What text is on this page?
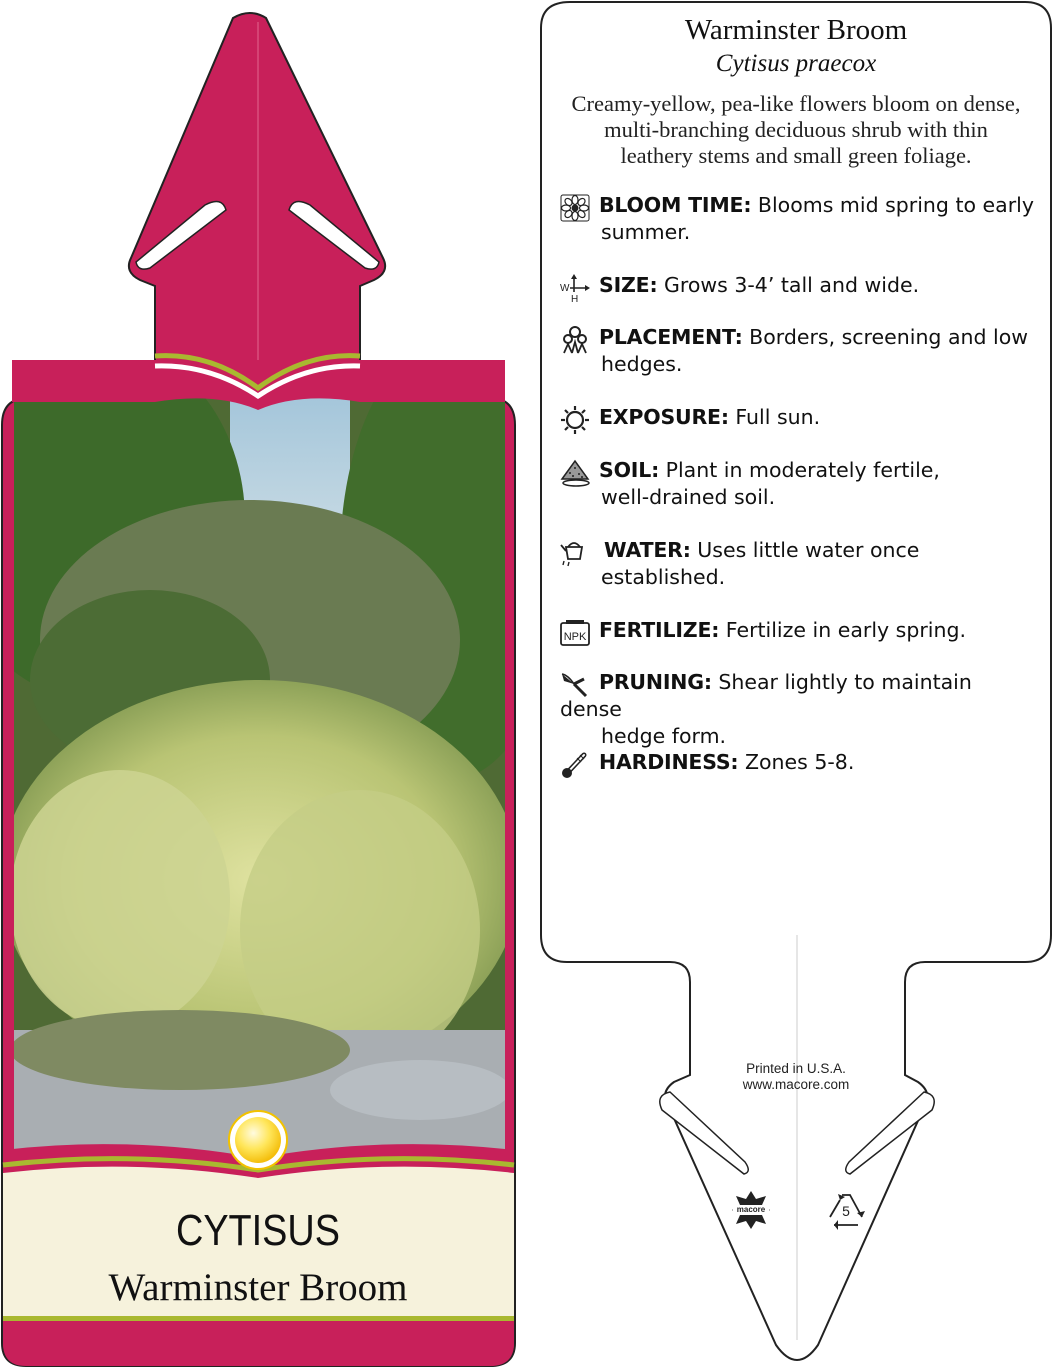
CYTISUS
Warminster Broom
Warminster Broom
Cytisus praecox
Creamy-yellow, pea-like flowers bloom on dense, multi-branching deciduous shrub with thin leathery stems and small green foliage.
BLOOM TIME: Blooms mid spring to early
summer.
W
H
SIZE: Grows 3-4’ tall and wide.
PLACEMENT: Borders, screening and low
hedges.
EXPOSURE: Full sun.
SOIL: Plant in moderately fertile,
well-drained soil.
WATER: Uses little water once
established.
NPK FERTILIZE: Fertilize in early spring.
PRUNING: Shear lightly to maintain dense
hedge form.
HARDINESS: Zones 5-8.
Printed in U.S.A.
www.macore.com
macore	5
